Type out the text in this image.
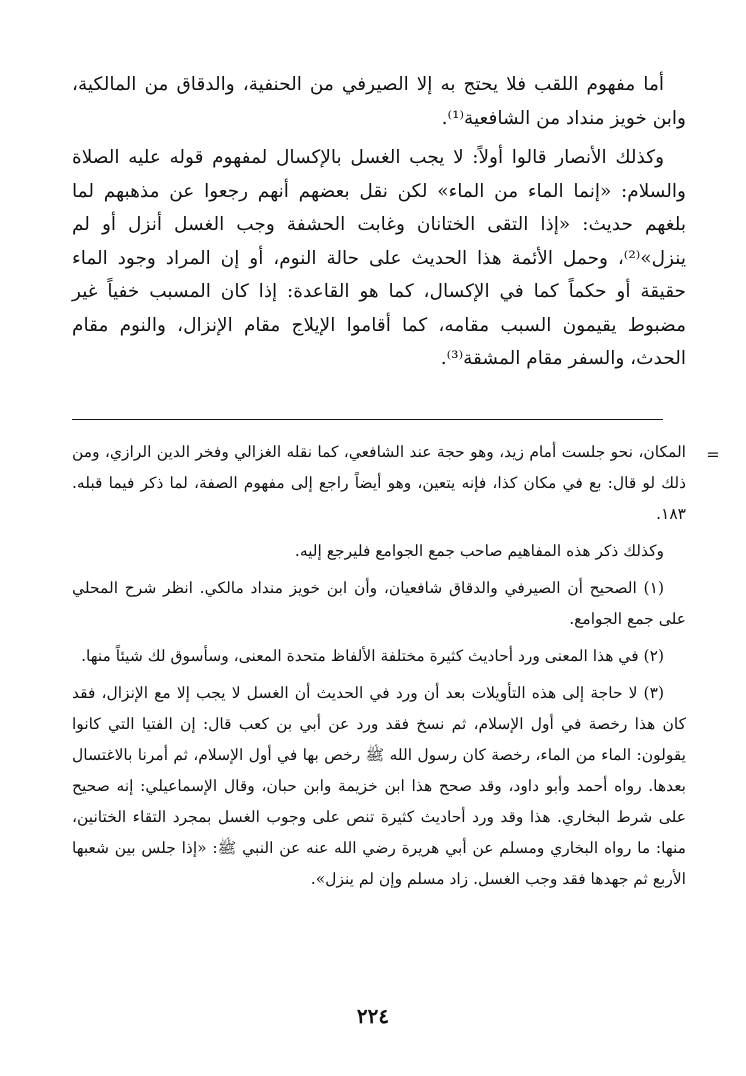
أما مفهوم اللقب فلا يحتج به إلا الصيرفي من الحنفية، والدقاق من المالكية، وابن خويز منداد من الشافعية⁽¹⁾.

وكذلك الأنصار قالوا أولاً: لا يجب الغسل بالإكسال لمفهوم قوله عليه الصلاة والسلام: «إنما الماء من الماء» لكن نقل بعضهم أنهم رجعوا عن مذهبهم لما بلغهم حديث: «إذا التقى الختانان وغابت الحشفة وجب الغسل أنزل أو لم ينزل»⁽²⁾، وحمل الأئمة هذا الحديث على حالة النوم، أو إن المراد وجود الماء حقيقة أو حكماً كما في الإكسال، كما هو القاعدة: إذا كان المسبب خفياً غير مضبوط يقيمون السبب مقامه، كما أقاموا الإيلاج مقام الإنزال، والنوم مقام الحدث، والسفر مقام المشقة⁽³⁾.

=

المكان، نحو جلست أمام زيد، وهو حجة عند الشافعي، كما نقله الغزالي وفخر الدين الرازي، ومن ذلك لو قال: بع في مكان كذا، فإنه يتعين، وهو أيضاً راجع إلى مفهوم الصفة، لما ذكر فيما قبله. ١٨٣.

وكذلك ذكر هذه المفاهيم صاحب جمع الجوامع فليرجع إليه.

(١) الصحيح أن الصيرفي والدقاق شافعيان، وأن ابن خويز منداد مالكي. انظر شرح المحلي على جمع الجوامع.

(٢) في هذا المعنى ورد أحاديث كثيرة مختلفة الألفاظ متحدة المعنى، وسأسوق لك شيئاً منها.

(٣) لا حاجة إلى هذه التأويلات بعد أن ورد في الحديث أن الغسل لا يجب إلا مع الإنزال، فقد كان هذا رخصة في أول الإسلام، ثم نسخ فقد ورد عن أبي بن كعب قال: إن الفتيا التي كانوا يقولون: الماء من الماء، رخصة كان رسول الله ﷺ رخص بها في أول الإسلام، ثم أمرنا بالاغتسال بعدها. رواه أحمد وأبو داود، وقد صحح هذا ابن خزيمة وابن حبان، وقال الإسماعيلي: إنه صحيح على شرط البخاري. هذا وقد ورد أحاديث كثيرة تنص على وجوب الغسل بمجرد التقاء الختانين، منها: ما رواه البخاري ومسلم عن أبي هريرة رضي الله عنه عن النبي ﷺ: «إذا جلس بين شعبها الأربع ثم جهدها فقد وجب الغسل. زاد مسلم وإن لم ينزل».

٢٢٤
